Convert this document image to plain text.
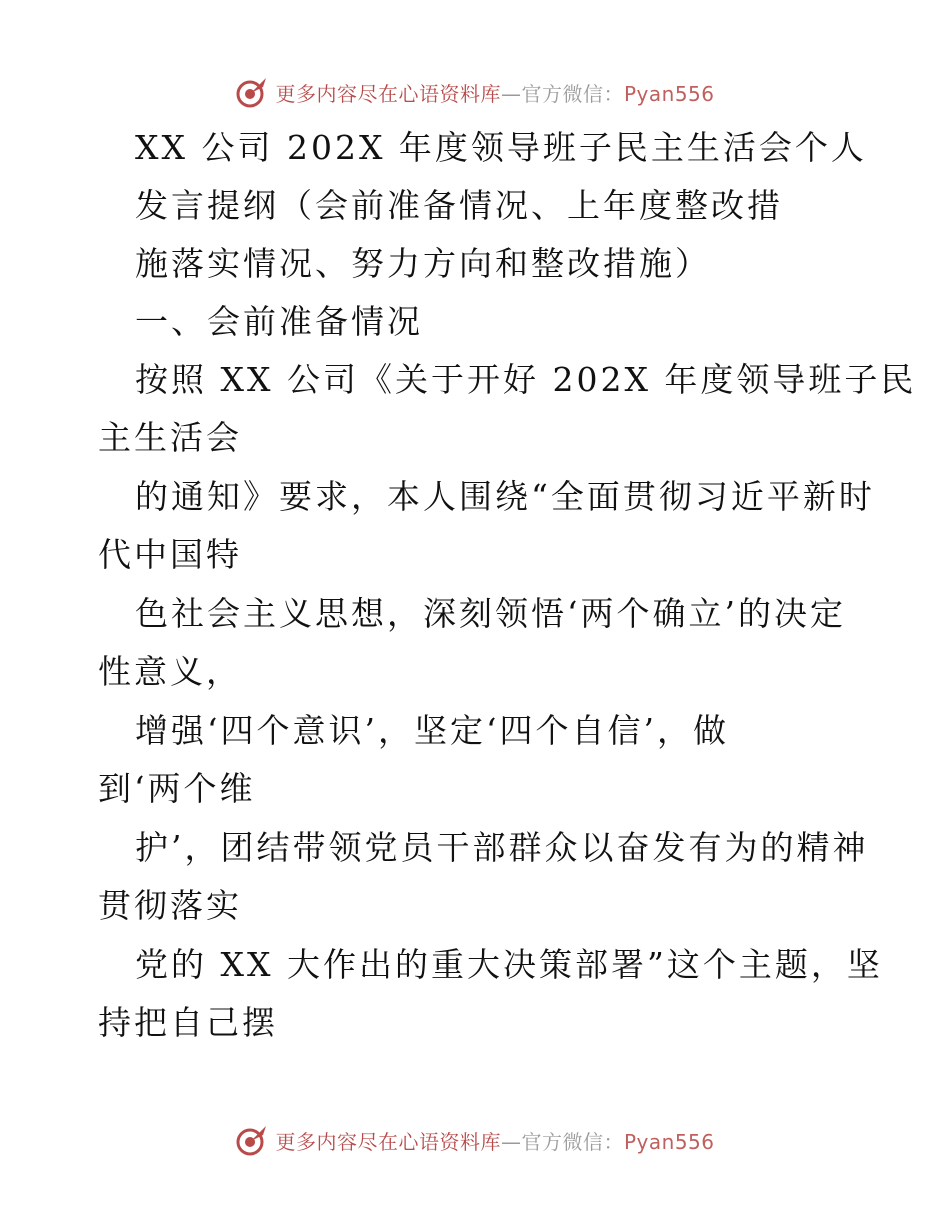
更多内容尽在心语资料库—官方微信：Pyan556
XX 公司 202X 年度领导班子民主生活会个人
发言提纲（会前准备情况、上年度整改措
施落实情况、努力方向和整改措施）
一、会前准备情况
按照 XX 公司《关于开好 202X 年度领导班子民
主生活会
的通知》要求，本人围绕“全面贯彻习近平新时
代中国特
色社会主义思想，深刻领悟‘两个确立’的决定
性意义，
增强‘四个意识’，坚定‘四个自信’，做
到‘两个维
护’，团结带领党员干部群众以奋发有为的精神
贯彻落实
党的 XX 大作出的重大决策部署”这个主题，坚
持把自己摆
更多内容尽在心语资料库—官方微信：Pyan556
